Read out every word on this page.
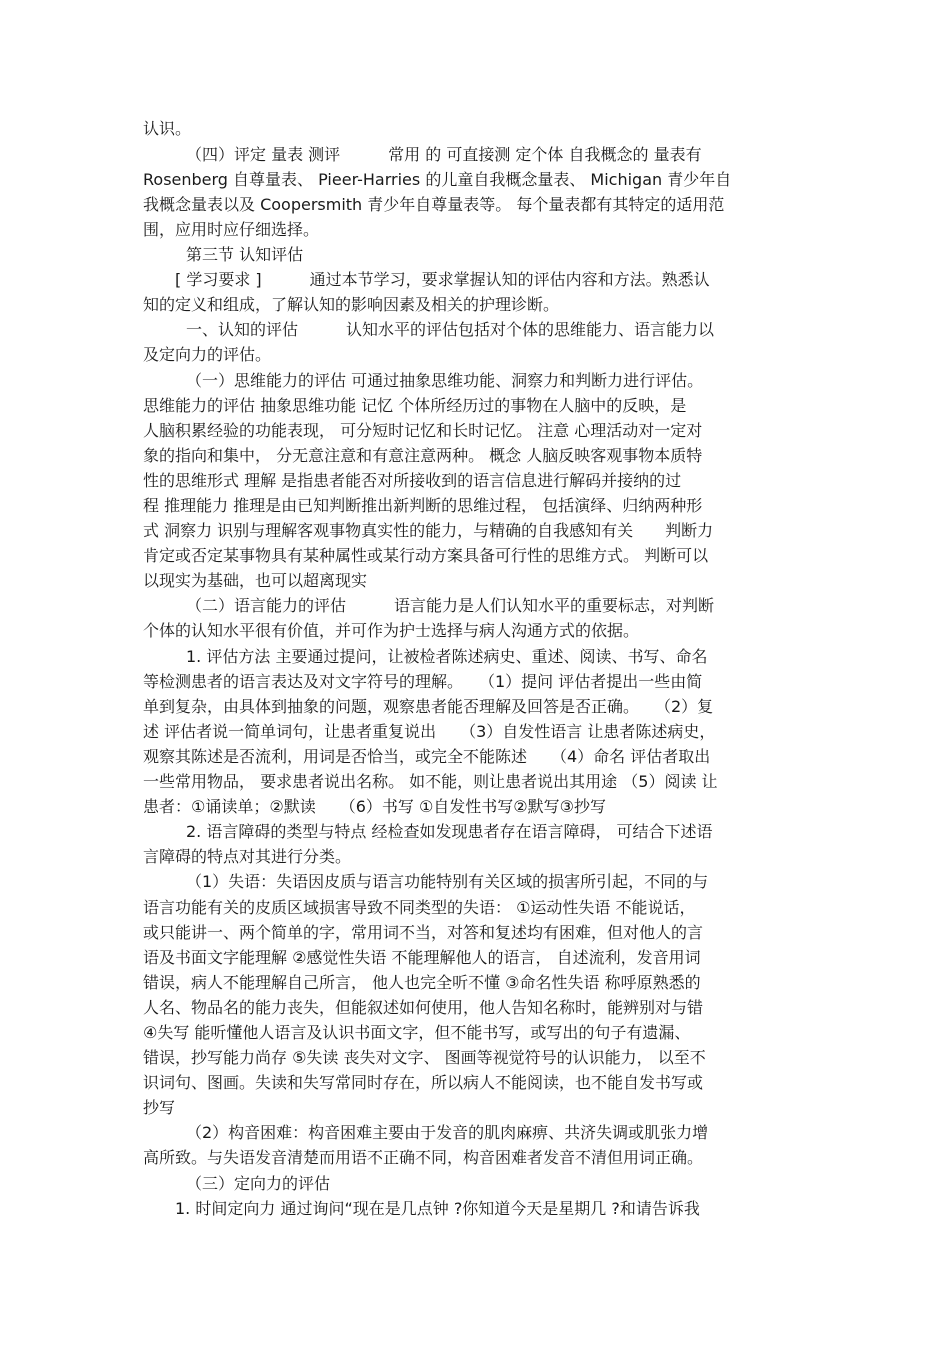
认识。
（四）评定 量表 测评　　　常用 的 可直接测 定个体 自我概念的 量表有
Rosenberg 自尊量表、 Pieer-Harries 的儿童自我概念量表、 Michigan 青少年自
我概念量表以及 Coopersmith 青少年自尊量表等。 每个量表都有其特定的适用范
围，应用时应仔细选择。
第三节 认知评估
[ 学习要求 ]　　　通过本节学习，要求掌握认知的评估内容和方法。熟悉认
知的定义和组成，了解认知的影响因素及相关的护理诊断。
一、认知的评估　　　认知水平的评估包括对个体的思维能力、语言能力以
及定向力的评估。
（一）思维能力的评估 可通过抽象思维功能、洞察力和判断力进行评估。
思维能力的评估 抽象思维功能 记忆 个体所经历过的事物在人脑中的反映，是
人脑积累经验的功能表现， 可分短时记忆和长时记忆。 注意 心理活动对一定对
象的指向和集中， 分无意注意和有意注意两种。 概念 人脑反映客观事物本质特
性的思维形式 理解 是指患者能否对所接收到的语言信息进行解码并接纳的过
程 推理能力 推理是由已知判断推出新判断的思维过程， 包括演绎、归纳两种形
式 洞察力 识别与理解客观事物真实性的能力，与精确的自我感知有关　　判断力
肯定或否定某事物具有某种属性或某行动方案具备可行性的思维方式。 判断可以
以现实为基础，也可以超离现实
（二）语言能力的评估　　　语言能力是人们认知水平的重要标志，对判断
个体的认知水平很有价值，并可作为护士选择与病人沟通方式的依据。
1. 评估方法 主要通过提问，让被检者陈述病史、重述、阅读、书写、命名
等检测患者的语言表达及对文字符号的理解。　　（1）提问 评估者提出一些由简
单到复杂，由具体到抽象的问题，观察患者能否理解及回答是否正确。　　（2）复
述 评估者说一简单词句，让患者重复说出　　（3）自发性语言 让患者陈述病史，
观察其陈述是否流利，用词是否恰当，或完全不能陈述　　（4）命名 评估者取出
一些常用物品， 要求患者说出名称。 如不能，则让患者说出其用途 （5）阅读 让
患者：①诵读单；②默读　　（6）书写 ①自发性书写②默写③抄写
2. 语言障碍的类型与特点 经检查如发现患者存在语言障碍， 可结合下述语
言障碍的特点对其进行分类。
（1）失语：失语因皮质与语言功能特别有关区域的损害所引起，不同的与
语言功能有关的皮质区域损害导致不同类型的失语： ①运动性失语 不能说话，
或只能讲一、两个简单的字，常用词不当，对答和复述均有困难，但对他人的言
语及书面文字能理解 ②感觉性失语 不能理解他人的语言， 自述流利，发音用词
错误，病人不能理解自己所言， 他人也完全听不懂 ③命名性失语 称呼原熟悉的
人名、物品名的能力丧失，但能叙述如何使用，他人告知名称时，能辨别对与错
④失写 能听懂他人语言及认识书面文字，但不能书写，或写出的句子有遗漏、
错误，抄写能力尚存 ⑤失读 丧失对文字、 图画等视觉符号的认识能力， 以至不
识词句、图画。失读和失写常同时存在，所以病人不能阅读，也不能自发书写或
抄写
（2）构音困难：构音困难主要由于发音的肌肉麻痹、共济失调或肌张力增
高所致。与失语发音清楚而用语不正确不同，构音困难者发音不清但用词正确。
（三）定向力的评估
1. 时间定向力 通过询问“现在是几点钟 ?你知道今天是星期几 ?和请告诉我
